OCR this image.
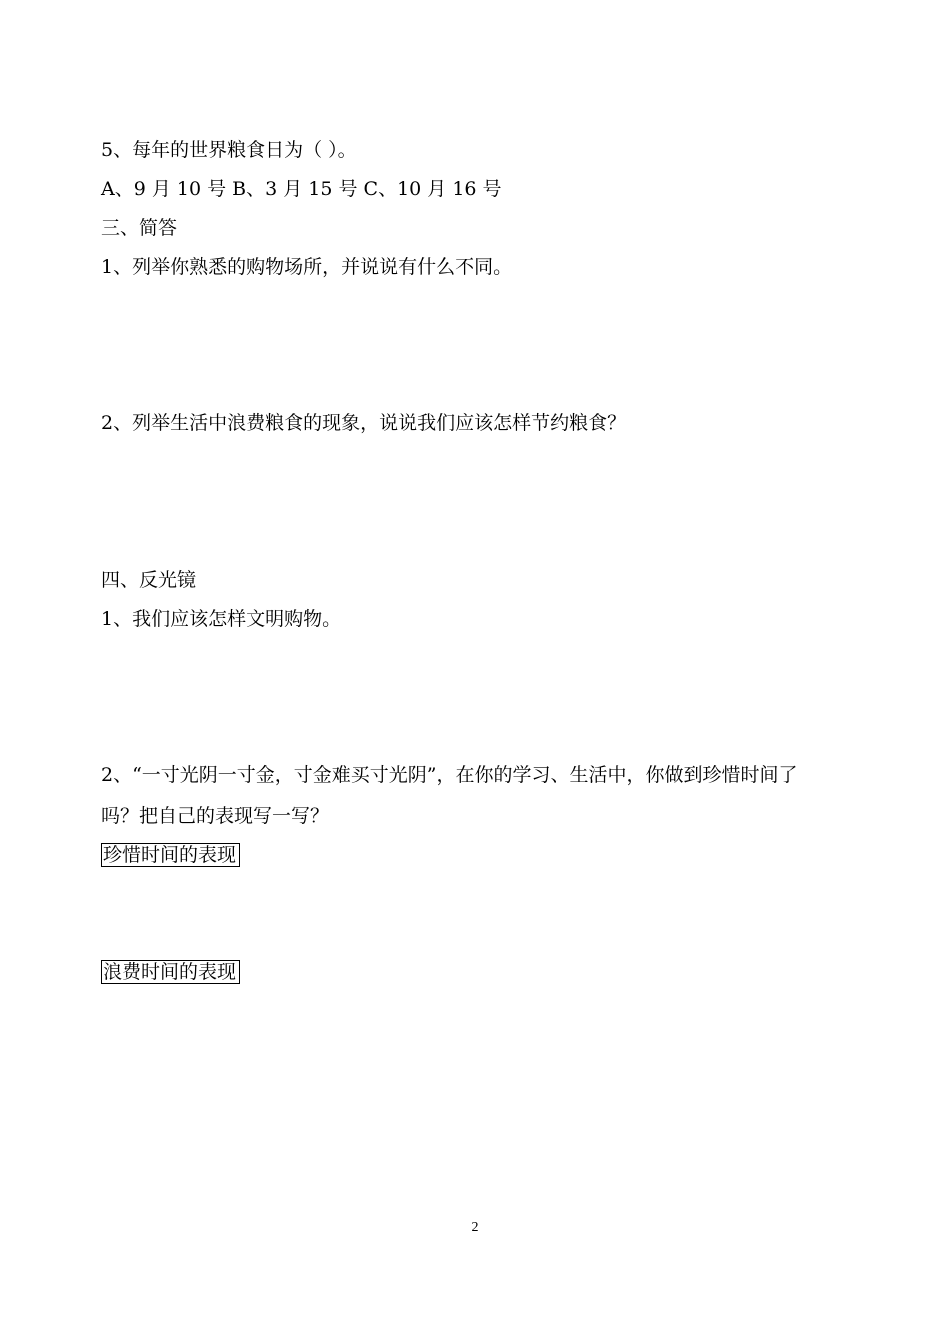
5、每年的世界粮食日为（ ）。
A、9 月 10 号 B、3 月 15 号 C、10 月 16 号
三、简答
1、列举你熟悉的购物场所，并说说有什么不同。
2、列举生活中浪费粮食的现象，说说我们应该怎样节约粮食？
四、反光镜
1、我们应该怎样文明购物。
2、“一寸光阴一寸金，寸金难买寸光阴”，在你的学习、生活中，你做到珍惜时间了
吗？把自己的表现写一写？
珍惜时间的表现
浪费时间的表现
2
